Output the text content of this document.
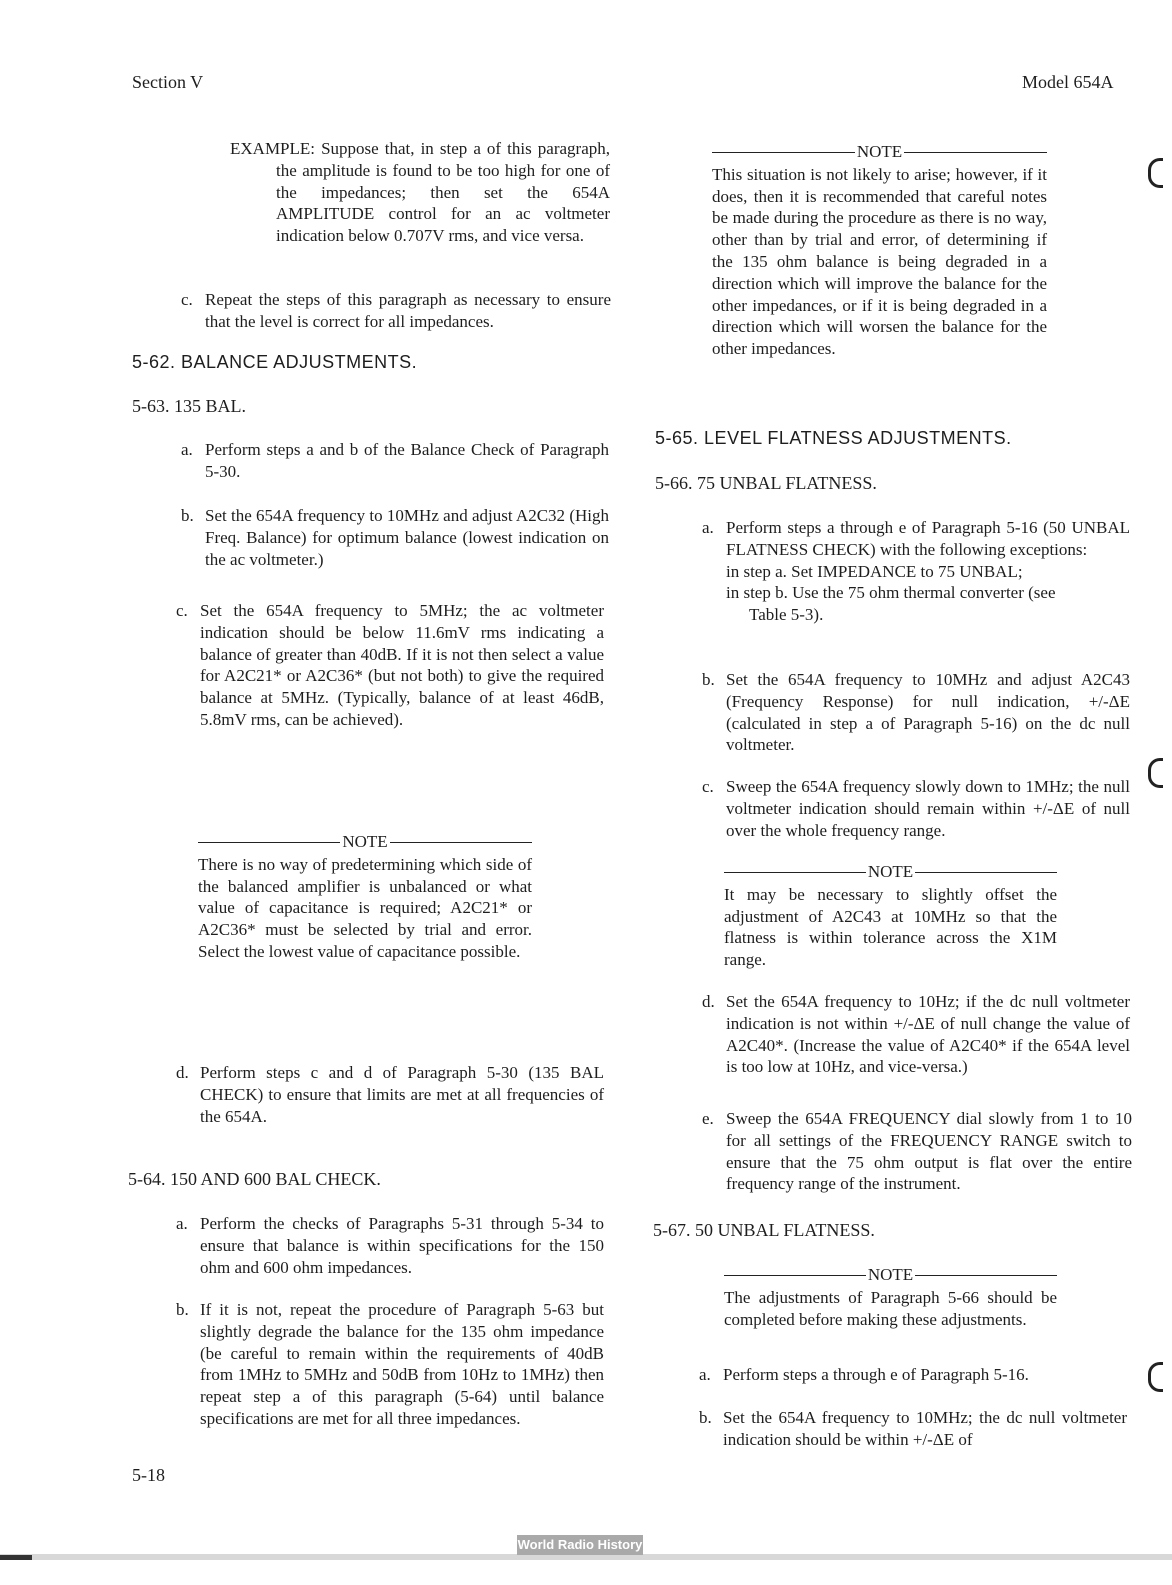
Section V	Model 654A
EXAMPLE: Suppose that, in step a of this paragraph, the amplitude is found to be too high for one of the impedances; then set the 654A AMPLITUDE control for an ac voltmeter indication below 0.707V rms, and vice versa.
c. Repeat the steps of this paragraph as necessary to ensure that the level is correct for all impedances.
5-62. BALANCE ADJUSTMENTS.
5-63. 135 BAL.
a. Perform steps a and b of the Balance Check of Paragraph 5-30.
b. Set the 654A frequency to 10MHz and adjust A2C32 (High Freq. Balance) for optimum balance (lowest indication on the ac voltmeter.)
c. Set the 654A frequency to 5MHz; the ac voltmeter indication should be below 11.6mV rms indicating a balance of greater than 40dB. If it is not then select a value for A2C21* or A2C36* (but not both) to give the required balance at 5MHz. (Typically, balance of at least 46dB, 5.8mV rms, can be achieved).
NOTE
There is no way of predetermining which side of the balanced amplifier is unbalanced or what value of capacitance is required; A2C21* or A2C36* must be selected by trial and error. Select the lowest value of capacitance possible.
d. Perform steps c and d of Paragraph 5-30 (135 BAL CHECK) to ensure that limits are met at all frequencies of the 654A.
5-64. 150 AND 600 BAL CHECK.
a. Perform the checks of Paragraphs 5-31 through 5-34 to ensure that balance is within specifications for the 150 ohm and 600 ohm impedances.
b. If it is not, repeat the procedure of Paragraph 5-63 but slightly degrade the balance for the 135 ohm impedance (be careful to remain within the requirements of 40dB from 1MHz to 5MHz and 50dB from 10Hz to 1MHz) then repeat step a of this paragraph (5-64) until balance specifications are met for all three impedances.
NOTE
This situation is not likely to arise; however, if it does, then it is recommended that careful notes be made during the procedure as there is no way, other than by trial and error, of determining if the 135 ohm balance is being degraded in a direction which will improve the balance for the other impedances, or if it is being degraded in a direction which will worsen the balance for the other impedances.
5-65. LEVEL FLATNESS ADJUSTMENTS.
5-66. 75 UNBAL FLATNESS.
a. Perform steps a through e of Paragraph 5-16 (50 UNBAL FLATNESS CHECK) with the following exceptions:
in step a. Set IMPEDANCE to 75 UNBAL;
in step b. Use the 75 ohm thermal converter (see
Table 5-3).
b. Set the 654A frequency to 10MHz and adjust A2C43 (Frequency Response) for null indication, +/-ΔE (calculated in step a of Paragraph 5-16) on the dc null voltmeter.
c. Sweep the 654A frequency slowly down to 1MHz; the null voltmeter indication should remain within +/-ΔE of null over the whole frequency range.
NOTE
It may be necessary to slightly offset the adjustment of A2C43 at 10MHz so that the flatness is within tolerance across the X1M range.
d. Set the 654A frequency to 10Hz; if the dc null voltmeter indication is not within +/-ΔE of null change the value of A2C40*. (Increase the value of A2C40* if the 654A level is too low at 10Hz, and vice-versa.)
e. Sweep the 654A FREQUENCY dial slowly from 1 to 10 for all settings of the FREQUENCY RANGE switch to ensure that the 75 ohm output is flat over the entire frequency range of the instrument.
5-67. 50 UNBAL FLATNESS.
NOTE
The adjustments of Paragraph 5-66 should be completed before making these adjustments.
a. Perform steps a through e of Paragraph 5-16.
b. Set the 654A frequency to 10MHz; the dc null voltmeter indication should be within +/-ΔE of
5-18
World Radio History
